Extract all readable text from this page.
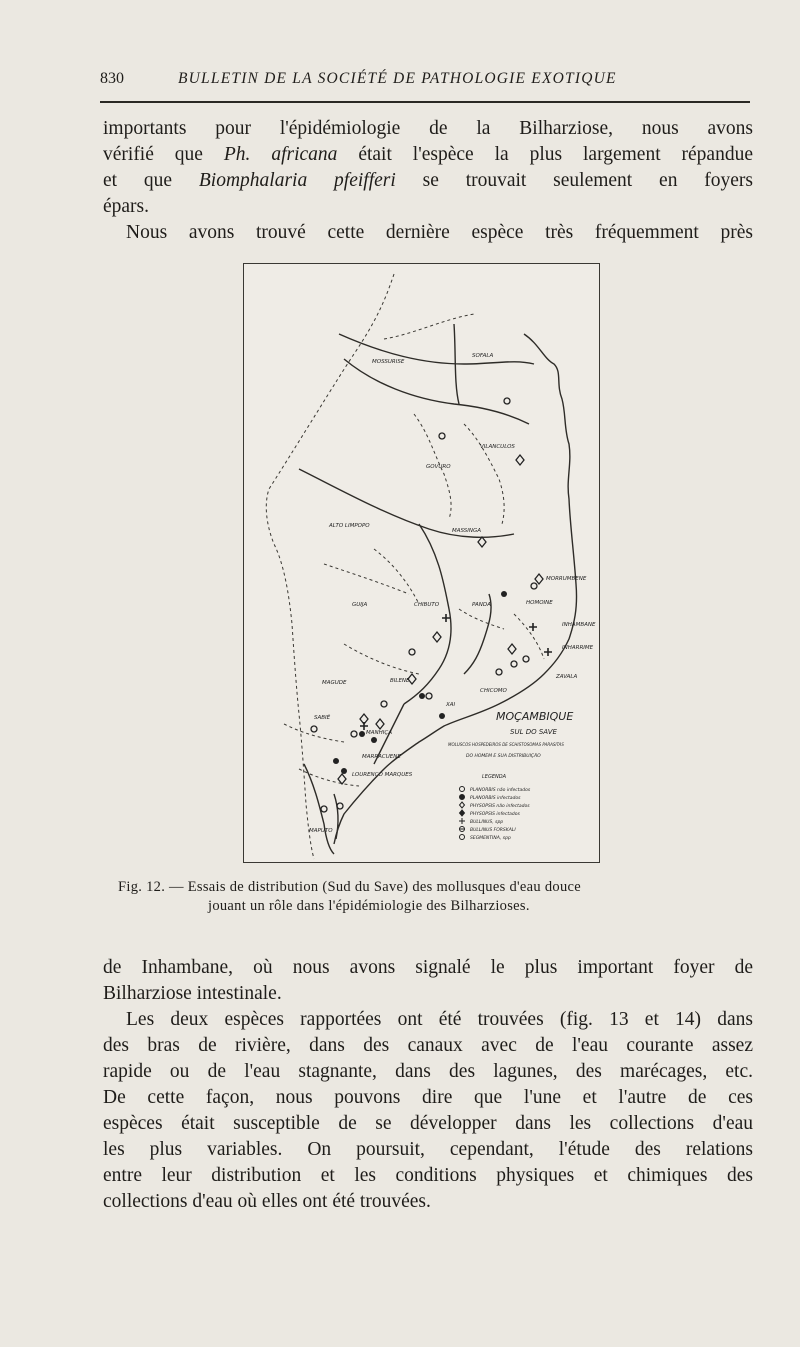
830	BULLETIN DE LA SOCIÉTÉ DE PATHOLOGIE EXOTIQUE
importants pour l'épidémiologie de la Bilharziose, nous avons
vérifié que Ph. africana était l'espèce la plus largement répandue
et que Biomphalaria pfeifferi se trouvait seulement en foyers
épars.
Nous avons trouvé cette dernière espèce très fréquemment près
MOSSURISE
SOFALA
VILANCULOS
GOVURO
ALTO LIMPOPO
MASSINGA
MORRUMBENE
GUIJA	CHIBUTO	PANDA	HOMOINE
INHAMBANE
INHARRIME
ZAVALA
MAGUDE	BILENE
CHICOMO
MANHIÇA
XAI
SABIÉ
MARRACUENE
LOURENÇO MARQUES
MAPUTO
MOÇAMBIQUE
SUL DO SAVE
MOLUSCOS HOSPEDEIROS DE SCHISTOSOMAS PARASITAS
DO HOMEM E SUA DISTRIBUIÇÃO
LEGENDA
PLANORBIS não infectados
PLANORBIS infectados
PHYSOPSIS não infectados
PHYSOPSIS infectados
BULLINUS, spp
BULLINUS FORSKALI
SEGMENTINA, spp
Fig. 12. — Essais de distribution (Sud du Save) des mollusques d'eau douce
jouant un rôle dans l'épidémiologie des Bilharzioses.
de Inhambane, où nous avons signalé le plus important foyer de
Bilharziose intestinale.
Les deux espèces rapportées ont été trouvées (fig. 13 et 14) dans
des bras de rivière, dans des canaux avec de l'eau courante assez
rapide ou de l'eau stagnante, dans des lagunes, des marécages, etc.
De cette façon, nous pouvons dire que l'une et l'autre de ces
espèces était susceptible de se développer dans les collections d'eau
les plus variables. On poursuit, cependant, l'étude des relations
entre leur distribution et les conditions physiques et chimiques des
collections d'eau où elles ont été trouvées.
